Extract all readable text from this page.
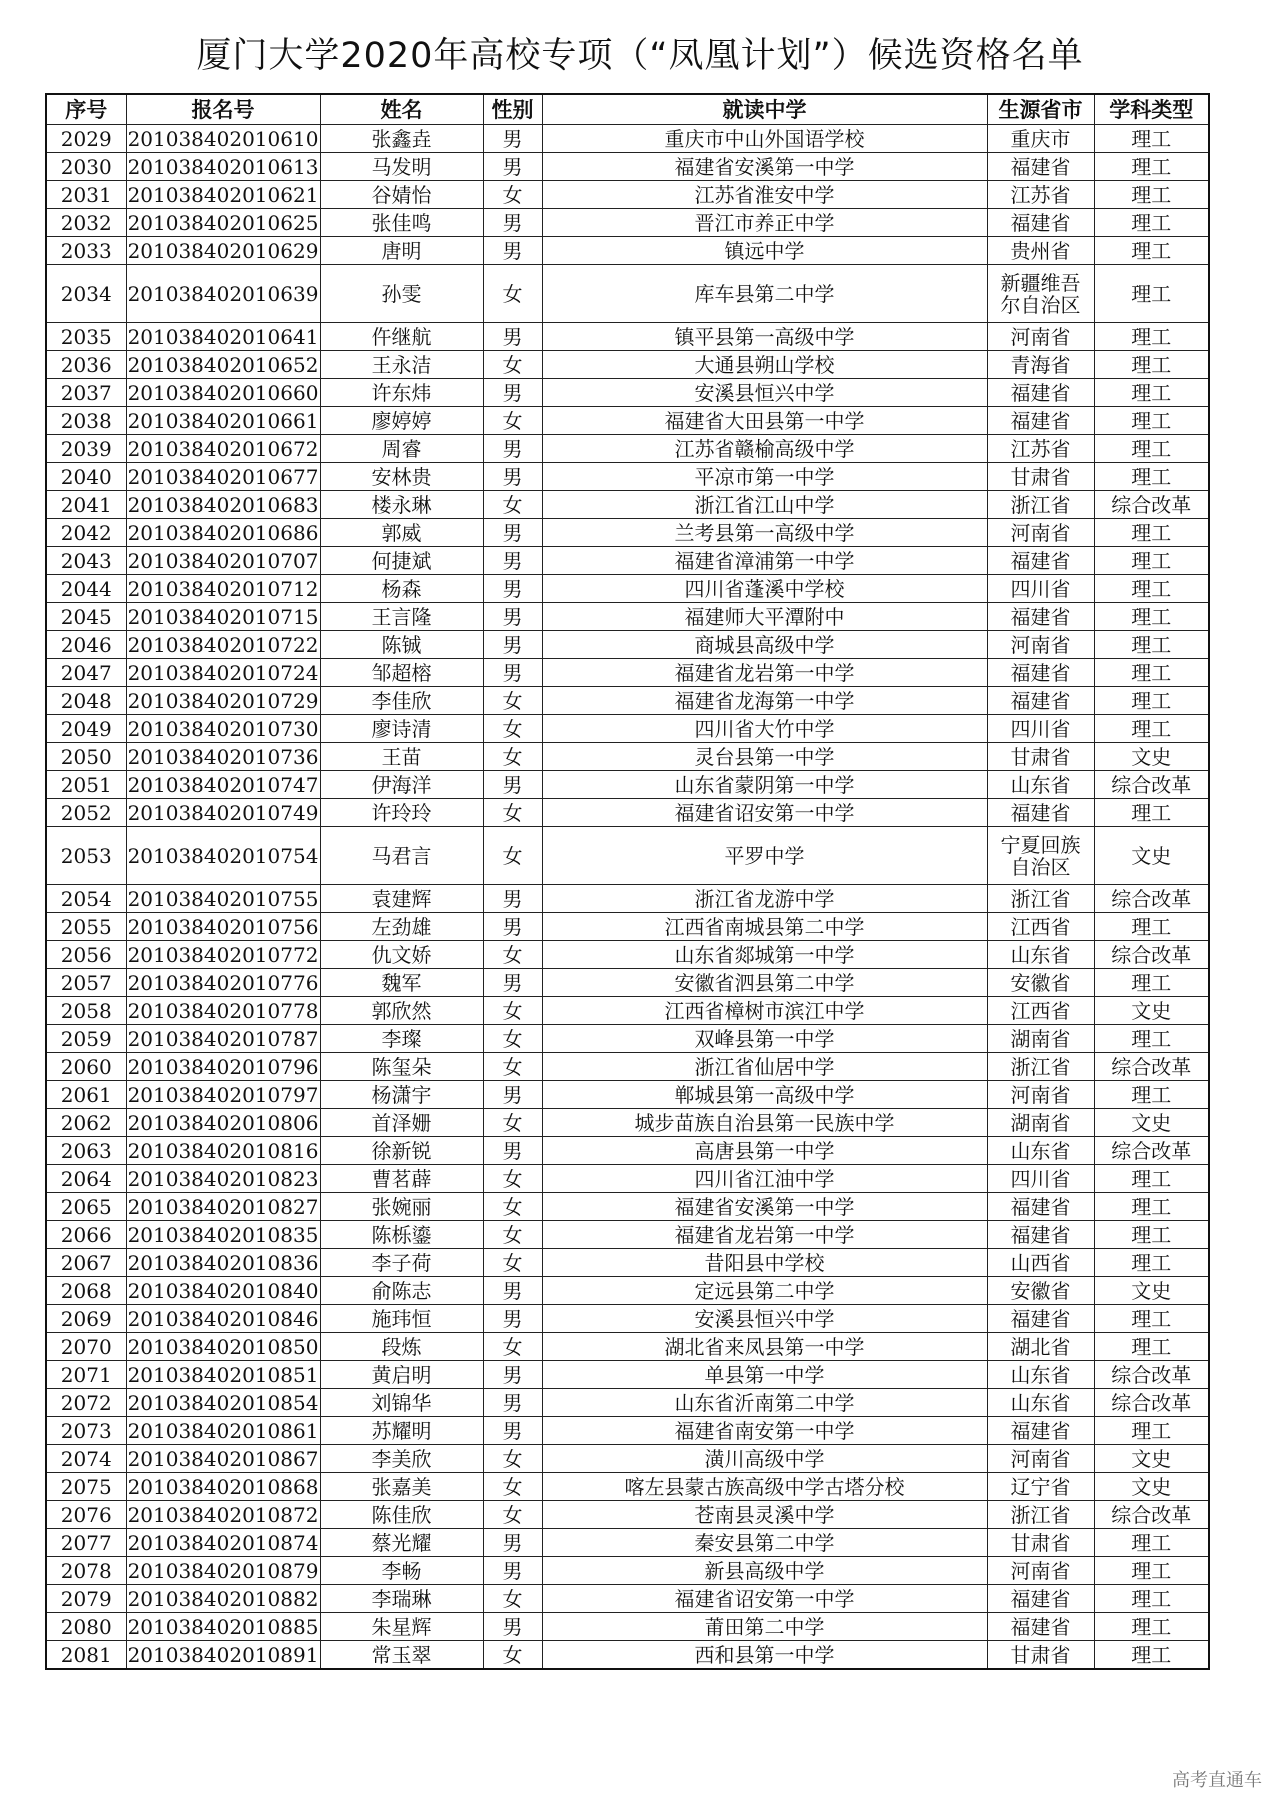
厦门大学2020年高校专项（“凤凰计划”）候选资格名单
序号	报名号	姓名	性别	就读中学	生源省市	学科类型
2029	201038402010610	张鑫垚	男	重庆市中山外国语学校	重庆市	理工
2030	201038402010613	马发明	男	福建省安溪第一中学	福建省	理工
2031	201038402010621	谷婧怡	女	江苏省淮安中学	江苏省	理工
2032	201038402010625	张佳鸣	男	晋江市养正中学	福建省	理工
2033	201038402010629	唐明	男	镇远中学	贵州省	理工
2034	201038402010639	孙雯	女	库车县第二中学	新疆维吾尔自治区	理工
2035	201038402010641	仵继航	男	镇平县第一高级中学	河南省	理工
2036	201038402010652	王永洁	女	大通县朔山学校	青海省	理工
2037	201038402010660	许东炜	男	安溪县恒兴中学	福建省	理工
2038	201038402010661	廖婷婷	女	福建省大田县第一中学	福建省	理工
2039	201038402010672	周睿	男	江苏省赣榆高级中学	江苏省	理工
2040	201038402010677	安林贵	男	平凉市第一中学	甘肃省	理工
2041	201038402010683	楼永琳	女	浙江省江山中学	浙江省	综合改革
2042	201038402010686	郭威	男	兰考县第一高级中学	河南省	理工
2043	201038402010707	何捷斌	男	福建省漳浦第一中学	福建省	理工
2044	201038402010712	杨森	男	四川省蓬溪中学校	四川省	理工
2045	201038402010715	王言隆	男	福建师大平潭附中	福建省	理工
2046	201038402010722	陈铖	男	商城县高级中学	河南省	理工
2047	201038402010724	邹超榕	男	福建省龙岩第一中学	福建省	理工
2048	201038402010729	李佳欣	女	福建省龙海第一中学	福建省	理工
2049	201038402010730	廖诗清	女	四川省大竹中学	四川省	理工
2050	201038402010736	王苗	女	灵台县第一中学	甘肃省	文史
2051	201038402010747	伊海洋	男	山东省蒙阴第一中学	山东省	综合改革
2052	201038402010749	许玲玲	女	福建省诏安第一中学	福建省	理工
2053	201038402010754	马君言	女	平罗中学	宁夏回族自治区	文史
2054	201038402010755	袁建辉	男	浙江省龙游中学	浙江省	综合改革
2055	201038402010756	左劲雄	男	江西省南城县第二中学	江西省	理工
2056	201038402010772	仇文娇	女	山东省郯城第一中学	山东省	综合改革
2057	201038402010776	魏军	男	安徽省泗县第二中学	安徽省	理工
2058	201038402010778	郭欣然	女	江西省樟树市滨江中学	江西省	文史
2059	201038402010787	李璨	女	双峰县第一中学	湖南省	理工
2060	201038402010796	陈玺朵	女	浙江省仙居中学	浙江省	综合改革
2061	201038402010797	杨潇宇	男	郸城县第一高级中学	河南省	理工
2062	201038402010806	首泽姗	女	城步苗族自治县第一民族中学	湖南省	文史
2063	201038402010816	徐新锐	男	高唐县第一中学	山东省	综合改革
2064	201038402010823	曹茗薜	女	四川省江油中学	四川省	理工
2065	201038402010827	张婉丽	女	福建省安溪第一中学	福建省	理工
2066	201038402010835	陈栎鎏	女	福建省龙岩第一中学	福建省	理工
2067	201038402010836	李子荷	女	昔阳县中学校	山西省	理工
2068	201038402010840	俞陈志	男	定远县第二中学	安徽省	文史
2069	201038402010846	施玮恒	男	安溪县恒兴中学	福建省	理工
2070	201038402010850	段炼	女	湖北省来凤县第一中学	湖北省	理工
2071	201038402010851	黄启明	男	单县第一中学	山东省	综合改革
2072	201038402010854	刘锦华	男	山东省沂南第二中学	山东省	综合改革
2073	201038402010861	苏耀明	男	福建省南安第一中学	福建省	理工
2074	201038402010867	李美欣	女	潢川高级中学	河南省	文史
2075	201038402010868	张嘉美	女	喀左县蒙古族高级中学古塔分校	辽宁省	文史
2076	201038402010872	陈佳欣	女	苍南县灵溪中学	浙江省	综合改革
2077	201038402010874	蔡光耀	男	秦安县第二中学	甘肃省	理工
2078	201038402010879	李畅	男	新县高级中学	河南省	理工
2079	201038402010882	李瑞琳	女	福建省诏安第一中学	福建省	理工
2080	201038402010885	朱星辉	男	莆田第二中学	福建省	理工
2081	201038402010891	常玉翠	女	西和县第一中学	甘肃省	理工
高考直通车
